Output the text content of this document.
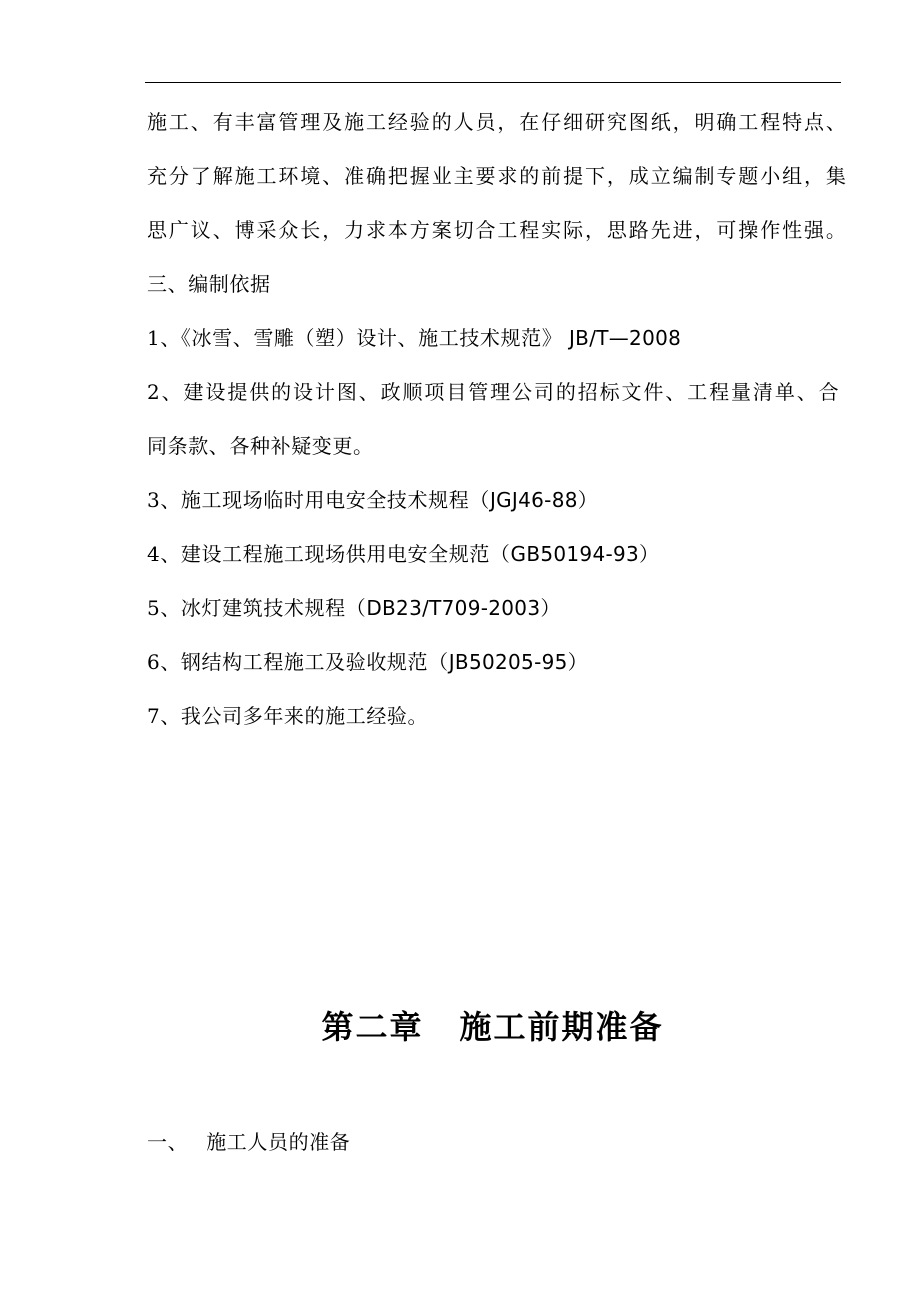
施工、有丰富管理及施工经验的人员，在仔细研究图纸，明确工程特点、
充分了解施工环境、准确把握业主要求的前提下，成立编制专题小组，集
思广议、博采众长，力求本方案切合工程实际，思路先进，可操作性强。
三、编制依据
1、《冰雪、雪雕（塑）设计、施工技术规范》 JB/T—2008
2、建设提供的设计图、政顺项目管理公司的招标文件、工程量清单、合
同条款、各种补疑变更。
3、施工现场临时用电安全技术规程（JGJ46-88）
4、建设工程施工现场供用电安全规范（GB50194-93）
5、冰灯建筑技术规程（DB23/T709-2003）
6、钢结构工程施工及验收规范（JB50205-95）
7、我公司多年来的施工经验。
第二章 施工前期准备
一、 施工人员的准备
